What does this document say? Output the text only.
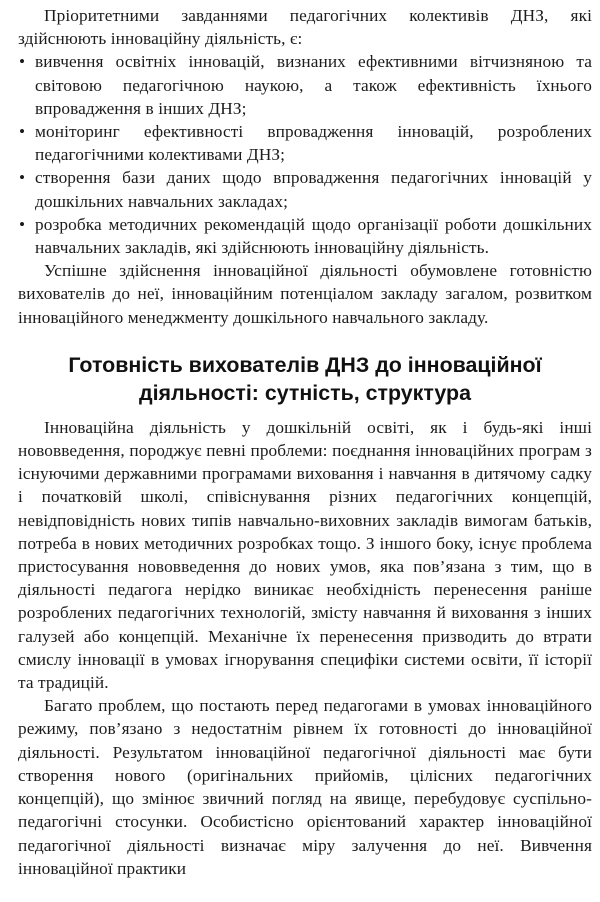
Пріоритетними завданнями педагогічних колективів ДНЗ, які здійснюють інноваційну діяльність, є:

• вивчення освітніх інновацій, визнаних ефективними вітчизняною та світовою педагогічною наукою, а також ефективність їхнього впровадження в інших ДНЗ;
• моніторинг ефективності впровадження інновацій, розроблених педагогічними колективами ДНЗ;
• створення бази даних щодо впровадження педагогічних інновацій у дошкільних навчальних закладах;
• розробка методичних рекомендацій щодо організації роботи дошкільних навчальних закладів, які здійснюють інноваційну діяльність.

Успішне здійснення інноваційної діяльності обумовлене готовністю вихователів до неї, інноваційним потенціалом закладу загалом, розвитком інноваційного менеджменту дошкільного навчального закладу.

Готовність вихователів ДНЗ до інноваційної
діяльності: сутність, структура

Інноваційна діяльність у дошкільній освіті, як і будь-які інші нововведення, породжує певні проблеми: поєднання інноваційних програм з існуючими державними програмами виховання і навчання в дитячому садку і початковій школі, співіснування різних педагогічних концепцій, невідповідність нових типів навчально-виховних закладів вимогам батьків, потреба в нових методичних розробках тощо. З іншого боку, існує проблема пристосування нововведення до нових умов, яка пов’язана з тим, що в діяльності педагога нерідко виникає необхідність перенесення раніше розроблених педагогічних технологій, змісту навчання й виховання з інших галузей або концепцій. Механічне їх перенесення призводить до втрати смислу інновації в умовах ігнорування специфіки системи освіти, її історії та традицій.

Багато проблем, що постають перед педагогами в умовах інноваційного режиму, пов’язано з недостатнім рівнем їх готовності до інноваційної діяльності. Результатом інноваційної педагогічної діяльності має бути створення нового (оригінальних прийомів, цілісних педагогічних концепцій), що змінює звичний погляд на явище, перебудовує суспільно-педагогічні стосунки. Особистісно орієнтований характер інноваційної педагогічної діяльності визначає міру залучення до неї. Вивчення інноваційної практики
